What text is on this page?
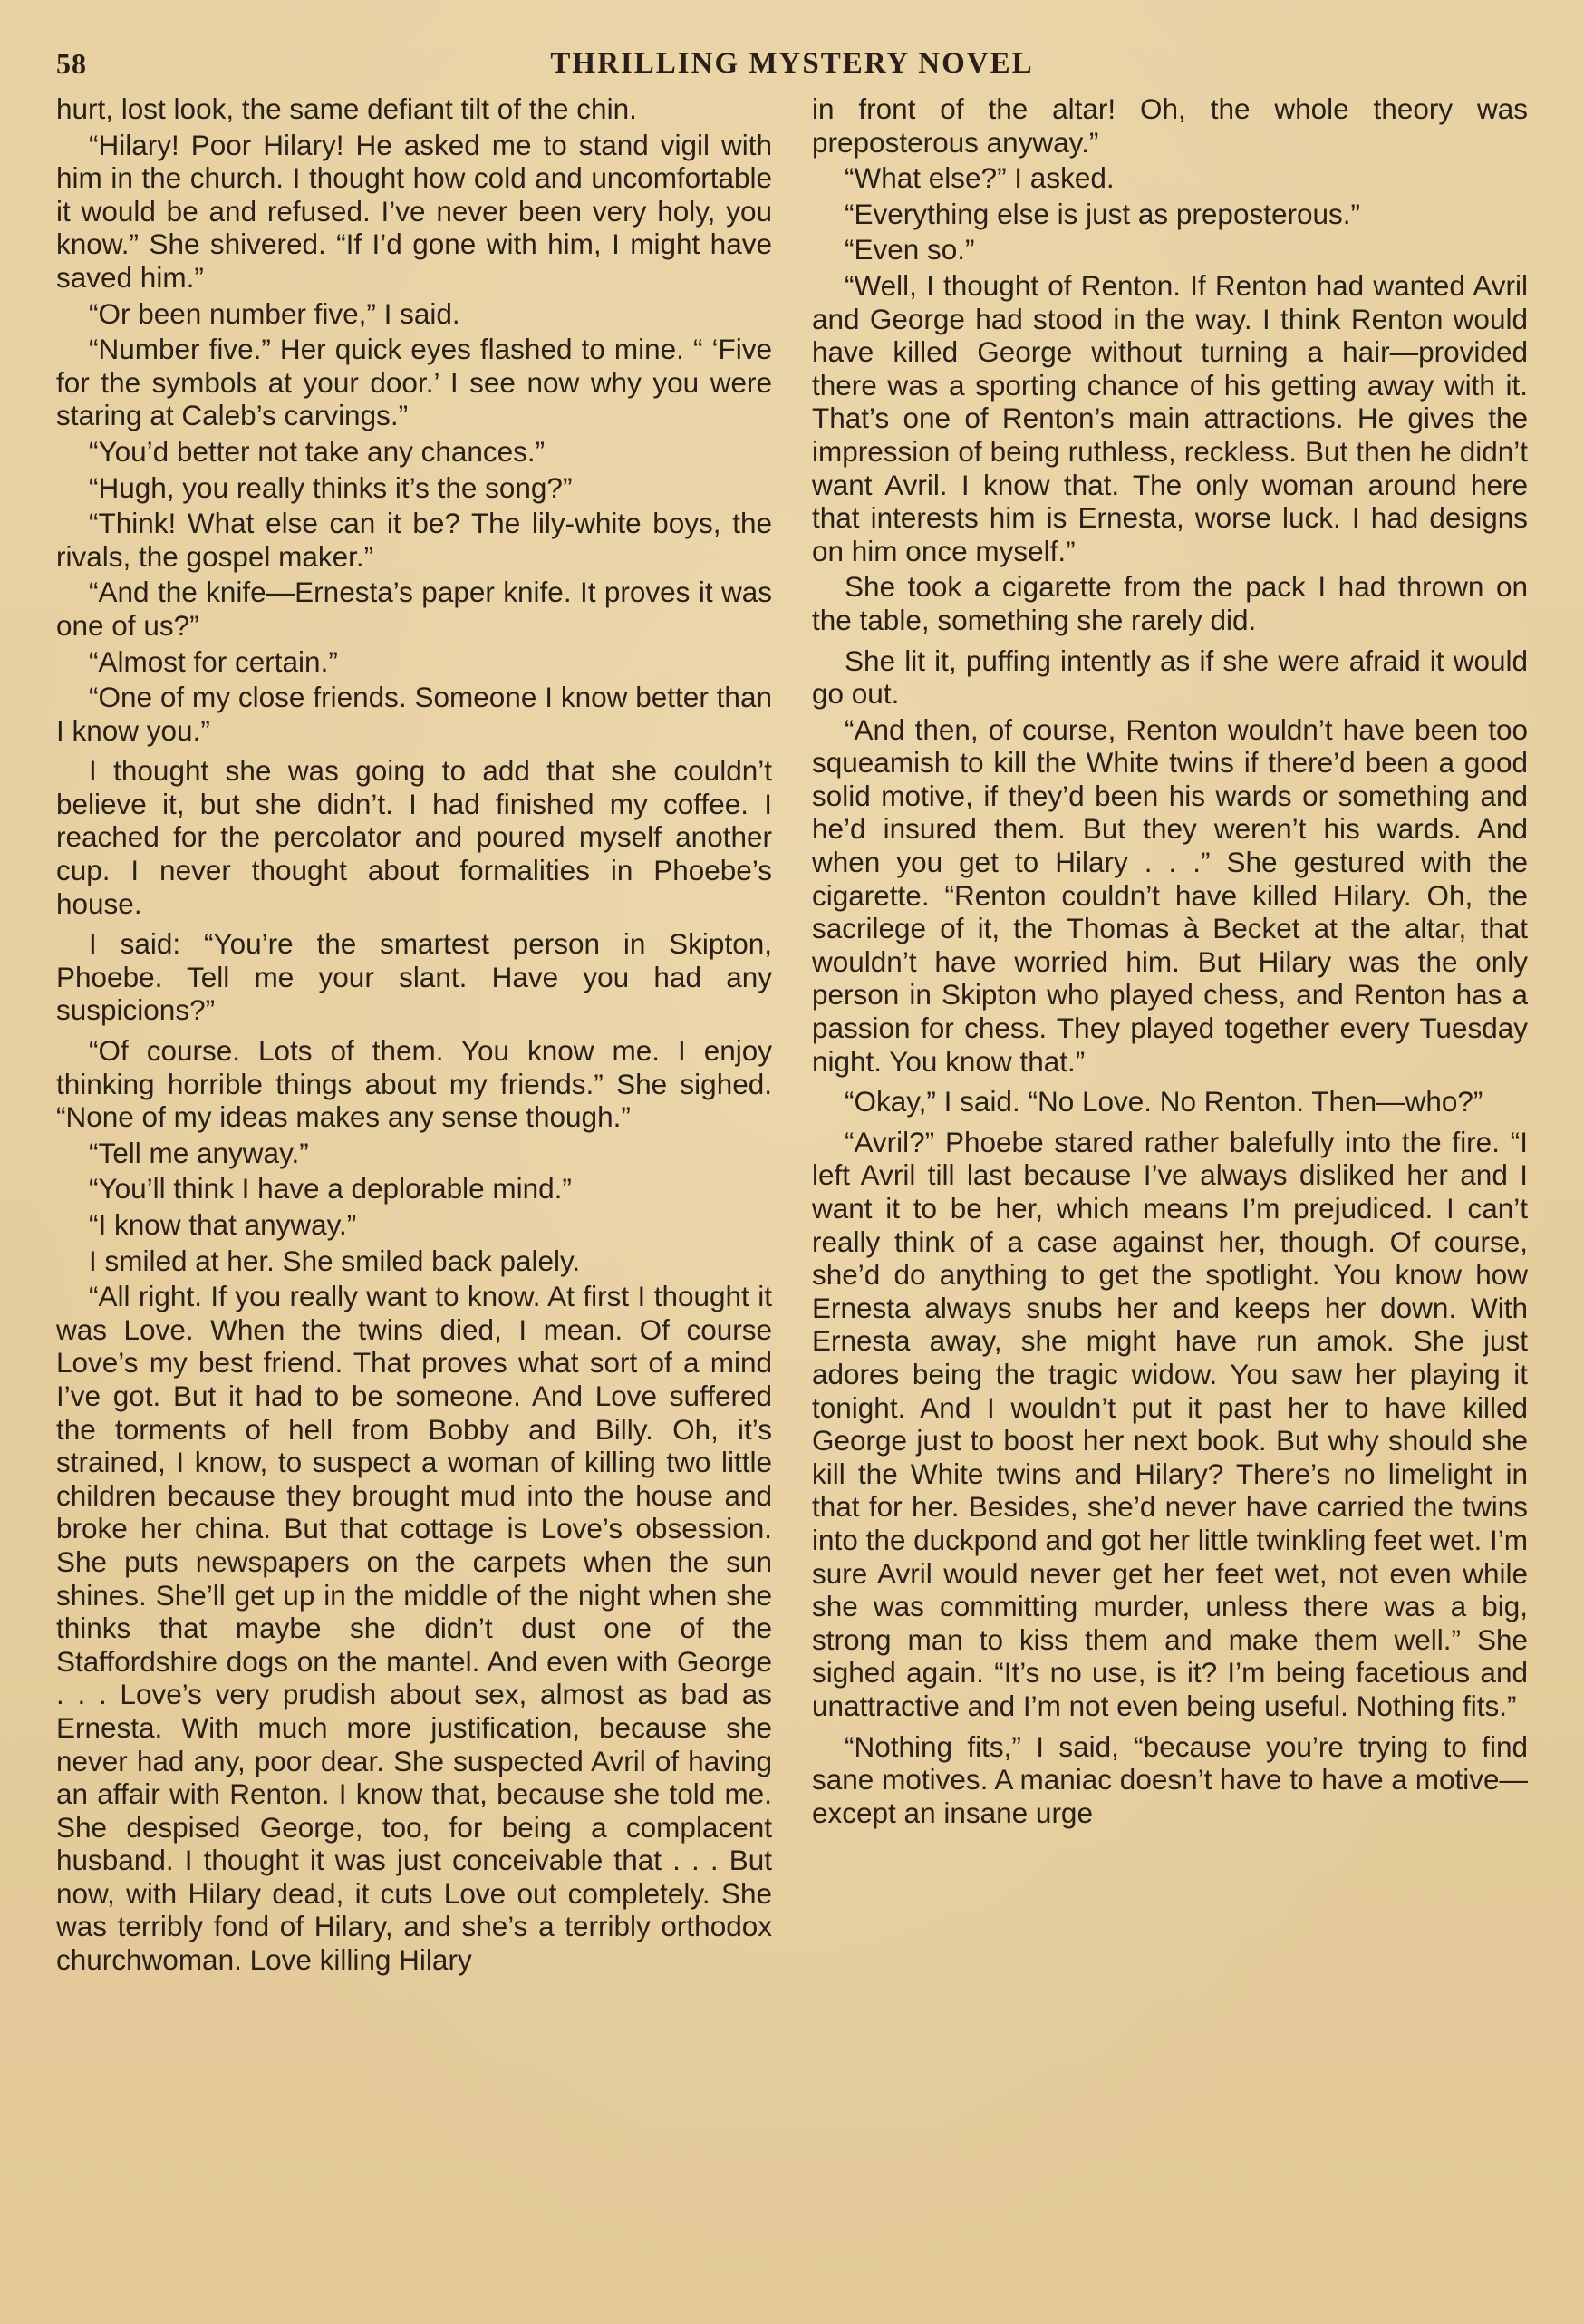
58	THRILLING MYSTERY NOVEL

hurt, lost look, the same defiant tilt of the chin.

“Hilary! Poor Hilary! He asked me to stand vigil with him in the church. I thought how cold and uncomfortable it would be and refused. I’ve never been very holy, you know.” She shivered. “If I’d gone with him, I might have saved him.”

“Or been number five,” I said.

“Number five.” Her quick eyes flashed to mine. “ ‘Five for the symbols at your door.’ I see now why you were staring at Caleb’s carvings.”

“You’d better not take any chances.”

“Hugh, you really thinks it’s the song?”

“Think! What else can it be? The lily-white boys, the rivals, the gospel maker.”

“And the knife—Ernesta’s paper knife. It proves it was one of us?”

“Almost for certain.”

“One of my close friends. Someone I know better than I know you.”

I thought she was going to add that she couldn’t believe it, but she didn’t. I had finished my coffee. I reached for the percolator and poured myself another cup. I never thought about formalities in Phoebe’s house.

I said: “You’re the smartest person in Skipton, Phoebe. Tell me your slant. Have you had any suspicions?”

“Of course. Lots of them. You know me. I enjoy thinking horrible things about my friends.” She sighed. “None of my ideas makes any sense though.”

“Tell me anyway.”

“You’ll think I have a deplorable mind.”

“I know that anyway.”

I smiled at her. She smiled back palely.

“All right. If you really want to know. At first I thought it was Love. When the twins died, I mean. Of course Love’s my best friend. That proves what sort of a mind I’ve got. But it had to be someone. And Love suffered the torments of hell from Bobby and Billy. Oh, it’s strained, I know, to suspect a woman of killing two little children because they brought mud into the house and broke her china. But that cottage is Love’s obsession. She puts newspapers on the carpets when the sun shines. She’ll get up in the middle of the night when she thinks that maybe she didn’t dust one of the Staffordshire dogs on the mantel. And even with George . . . Love’s very prudish about sex, almost as bad as Ernesta. With much more justification, because she never had any, poor dear. She suspected Avril of having an affair with Renton. I know that, because she told me. She despised George, too, for being a complacent husband. I thought it was just conceivable that . . . But now, with Hilary dead, it cuts Love out completely. She was terribly fond of Hilary, and she’s a terribly orthodox churchwoman. Love killing Hilary

in front of the altar! Oh, the whole theory was preposterous anyway.”

“What else?” I asked.

“Everything else is just as preposterous.”

“Even so.”

“Well, I thought of Renton. If Renton had wanted Avril and George had stood in the way. I think Renton would have killed George without turning a hair—provided there was a sporting chance of his getting away with it. That’s one of Renton’s main attractions. He gives the impression of being ruthless, reckless. But then he didn’t want Avril. I know that. The only woman around here that interests him is Ernesta, worse luck. I had designs on him once myself.”

She took a cigarette from the pack I had thrown on the table, something she rarely did.

She lit it, puffing intently as if she were afraid it would go out.

“And then, of course, Renton wouldn’t have been too squeamish to kill the White twins if there’d been a good solid motive, if they’d been his wards or something and he’d insured them. But they weren’t his wards. And when you get to Hilary . . .” She gestured with the cigarette. “Renton couldn’t have killed Hilary. Oh, the sacrilege of it, the Thomas à Becket at the altar, that wouldn’t have worried him. But Hilary was the only person in Skipton who played chess, and Renton has a passion for chess. They played together every Tuesday night. You know that.”

“Okay,” I said. “No Love. No Renton. Then—who?”

“Avril?” Phoebe stared rather balefully into the fire. “I left Avril till last because I’ve always disliked her and I want it to be her, which means I’m prejudiced. I can’t really think of a case against her, though. Of course, she’d do anything to get the spotlight. You know how Ernesta always snubs her and keeps her down. With Ernesta away, she might have run amok. She just adores being the tragic widow. You saw her playing it tonight. And I wouldn’t put it past her to have killed George just to boost her next book. But why should she kill the White twins and Hilary? There’s no limelight in that for her. Besides, she’d never have carried the twins into the duckpond and got her little twinkling feet wet. I’m sure Avril would never get her feet wet, not even while she was committing murder, unless there was a big, strong man to kiss them and make them well.” She sighed again. “It’s no use, is it? I’m being facetious and unattractive and I’m not even being useful. Nothing fits.”

“Nothing fits,” I said, “because you’re trying to find sane motives. A maniac doesn’t have to have a motive—except an insane urge
